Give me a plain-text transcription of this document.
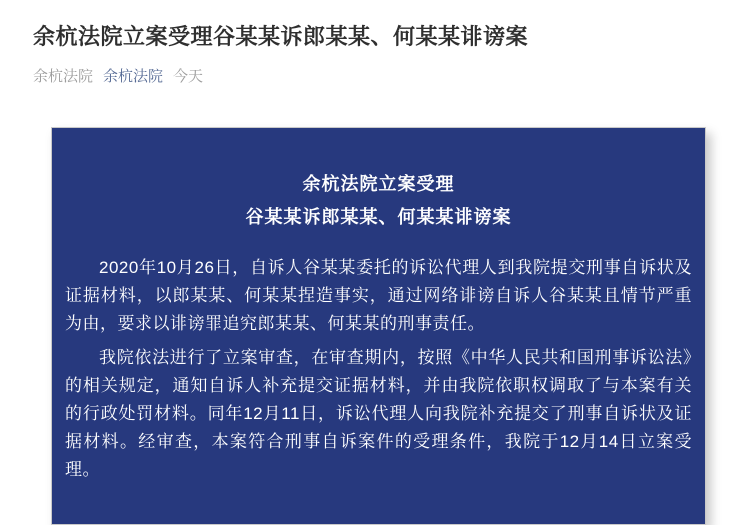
余杭法院立案受理谷某某诉郎某某、何某某诽谤案
余杭法院 余杭法院 今天
余杭法院立案受理
谷某某诉郎某某、何某某诽谤案

2020年10月26日，自诉人谷某某委托的诉讼代理人到我院提交刑事自诉状及证据材料，以郎某某、何某某捏造事实，通过网络诽谤自诉人谷某某且情节严重为由，要求以诽谤罪追究郎某某、何某某的刑事责任。

我院依法进行了立案审查，在审查期内，按照《中华人民共和国刑事诉讼法》的相关规定，通知自诉人补充提交证据材料，并由我院依职权调取了与本案有关的行政处罚材料。同年12月11日，诉讼代理人向我院补充提交了刑事自诉状及证据材料。经审查，本案符合刑事自诉案件的受理条件，我院于12月14日立案受理。
